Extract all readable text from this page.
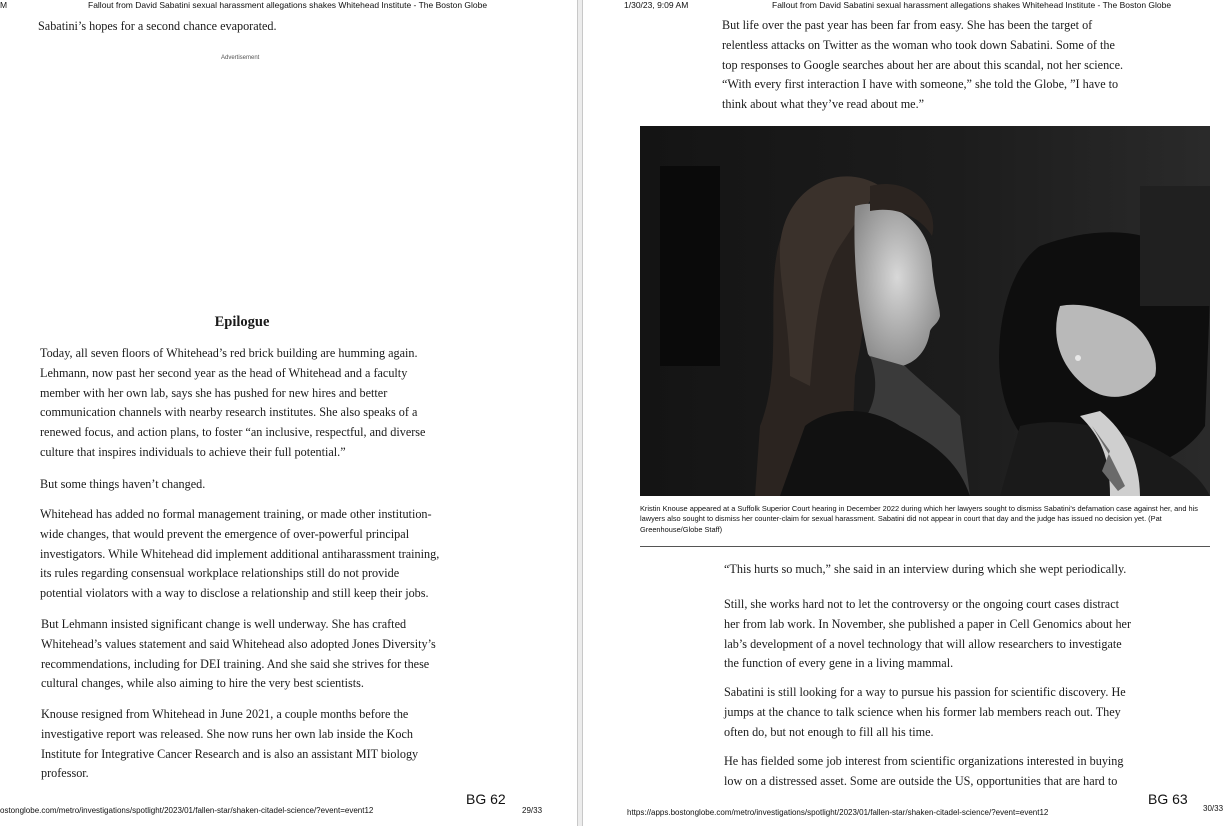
M	Fallout from David Sabatini sexual harassment allegations shakes Whitehead Institute - The Boston Globe
Sabatini’s hopes for a second chance evaporated.
Advertisement
Epilogue

Today, all seven floors of Whitehead’s red brick building are humming again.

Lehmann, now past her second year as the head of Whitehead and a faculty

member with her own lab, says she has pushed for new hires and better

communication channels with nearby research institutes. She also speaks of a

renewed focus, and action plans, to foster “an inclusive, respectful, and diverse

culture that inspires individuals to achieve their full potential.”

But some things haven’t changed.

Whitehead has added no formal management training, or made other institution-

wide changes, that would prevent the emergence of over-powerful principal

investigators. While Whitehead did implement additional antiharassment training,

its rules regarding consensual workplace relationships still do not provide

potential violators with a way to disclose a relationship and still keep their jobs.

But Lehmann insisted significant change is well underway. She has crafted

Whitehead’s values statement and said Whitehead also adopted Jones Diversity’s

recommendations, including for DEI training. And she said she strives for these

cultural changes, while also aiming to hire the very best scientists.

Knouse resigned from Whitehead in June 2021, a couple months before the

investigative report was released. She now runs her own lab inside the Koch

Institute for Integrative Cancer Research and is also an assistant MIT biology

professor.

BG 62
ostonglobe.com/metro/investigations/spotlight/2023/01/fallen-star/shaken-citadel-science/?event=event12	29/33
1/30/23, 9:09 AM	Fallout from David Sabatini sexual harassment allegations shakes Whitehead Institute - The Boston Globe

But life over the past year has been far from easy. She has been the target of

relentless attacks on Twitter as the woman who took down Sabatini. Some of the

top responses to Google searches about her are about this scandal, not her science.

“With every first interaction I have with someone,” she told the Globe, ”I have to

think about what they’ve read about me.”

Kristin Knouse appeared at a Suffolk Superior Court hearing in December 2022 during which her lawyers sought to dismiss Sabatini's defamation case against her, and his lawyers also sought to dismiss her counter-claim for sexual harassment. Sabatini did not appear in court that day and the judge has issued no decision yet. (Pat Greenhouse/Globe Staff)

“This hurts so much,” she said in an interview during which she wept periodically.

Still, she works hard not to let the controversy or the ongoing court cases distract

her from lab work. In November, she published a paper in Cell Genomics about her

lab’s development of a novel technology that will allow researchers to investigate

the function of every gene in a living mammal.

Sabatini is still looking for a way to pursue his passion for scientific discovery. He

jumps at the chance to talk science when his former lab members reach out. They

often do, but not enough to fill all his time.

He has fielded some job interest from scientific organizations interested in buying

low on a distressed asset. Some are outside the US, opportunities that are hard to

BG 63
https://apps.bostonglobe.com/metro/investigations/spotlight/2023/01/fallen-star/shaken-citadel-science/?event=event12	30/33
